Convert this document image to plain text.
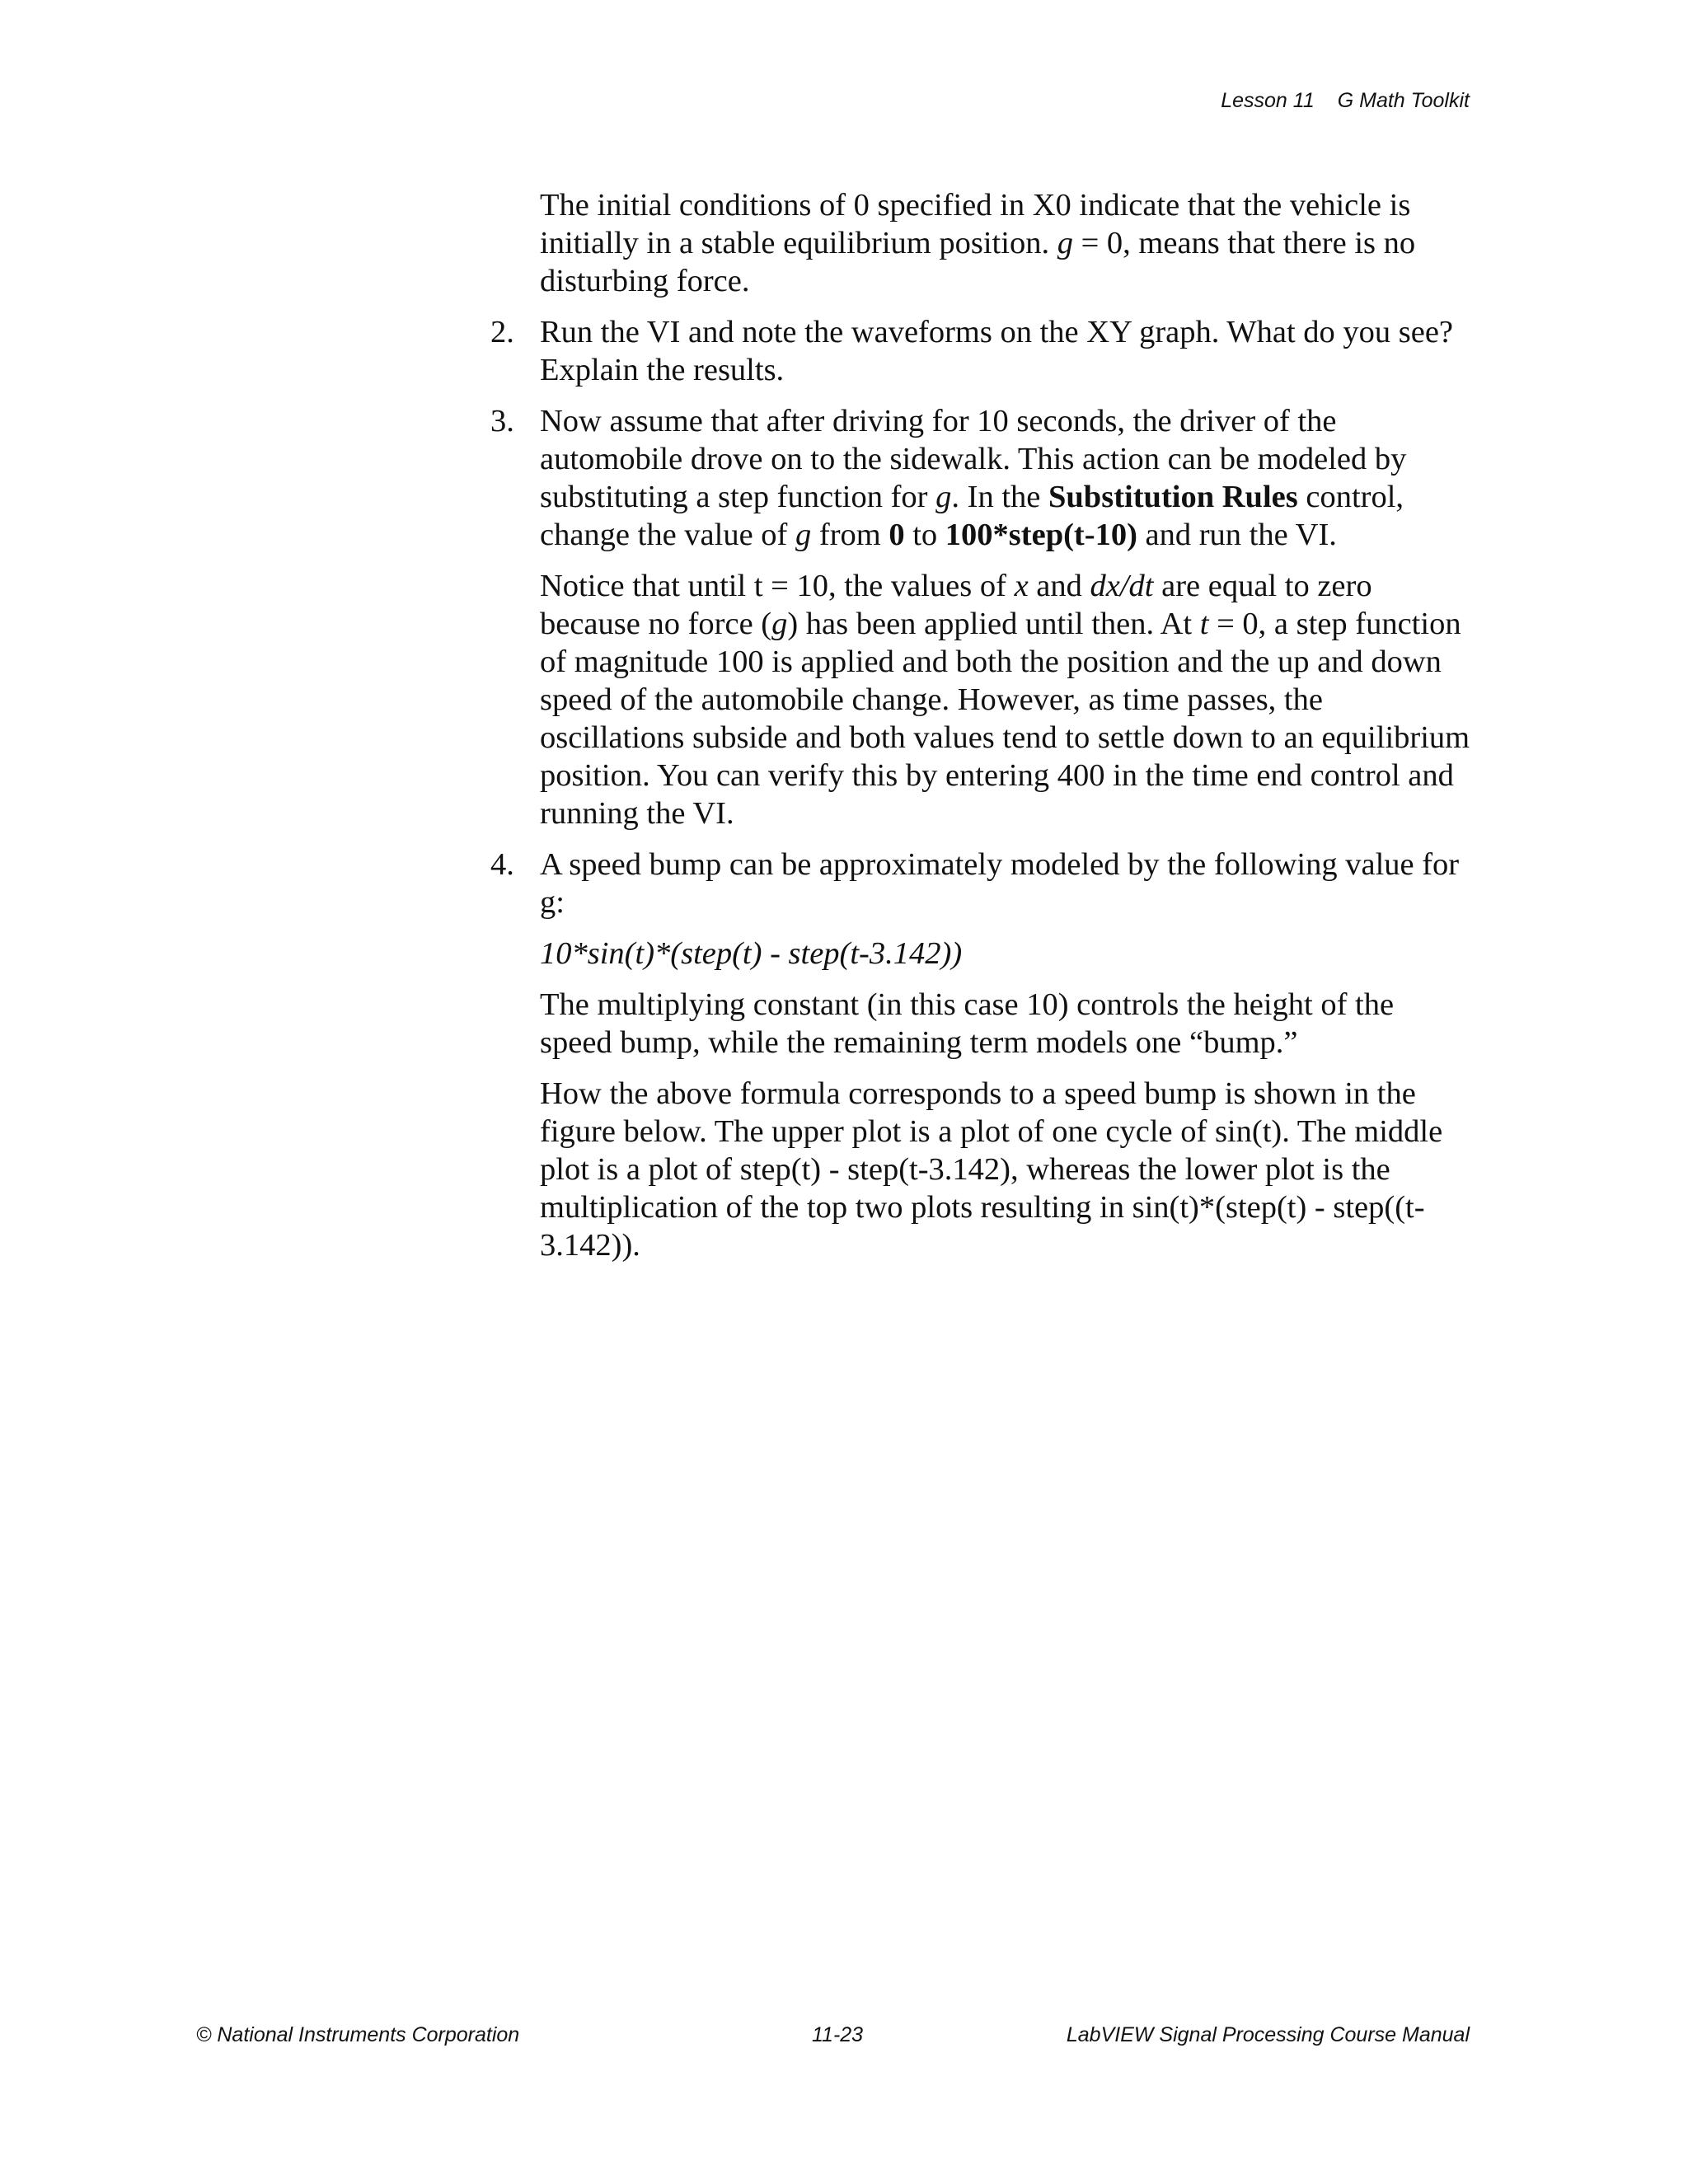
Lesson 11 G Math Toolkit

The initial conditions of 0 specified in X0 indicate that the vehicle is initially in a stable equilibrium position. g = 0, means that there is no disturbing force.

2. Run the VI and note the waveforms on the XY graph. What do you see? Explain the results.

3. Now assume that after driving for 10 seconds, the driver of the automobile drove on to the sidewalk. This action can be modeled by substituting a step function for g. In the Substitution Rules control, change the value of g from 0 to 100*step(t-10) and run the VI.

Notice that until t = 10, the values of x and dx/dt are equal to zero because no force (g) has been applied until then. At t = 0, a step function of magnitude 100 is applied and both the position and the up and down speed of the automobile change. However, as time passes, the oscillations subside and both values tend to settle down to an equilibrium position. You can verify this by entering 400 in the time end control and running the VI.

4. A speed bump can be approximately modeled by the following value for g:

10*sin(t)*(step(t) - step(t-3.142))

The multiplying constant (in this case 10) controls the height of the speed bump, while the remaining term models one “bump.”

How the above formula corresponds to a speed bump is shown in the figure below. The upper plot is a plot of one cycle of sin(t). The middle plot is a plot of step(t) - step(t-3.142), whereas the lower plot is the multiplication of the top two plots resulting in sin(t)*(step(t) - step((t-3.142)).

© National Instruments Corporation	11-23	LabVIEW Signal Processing Course Manual
